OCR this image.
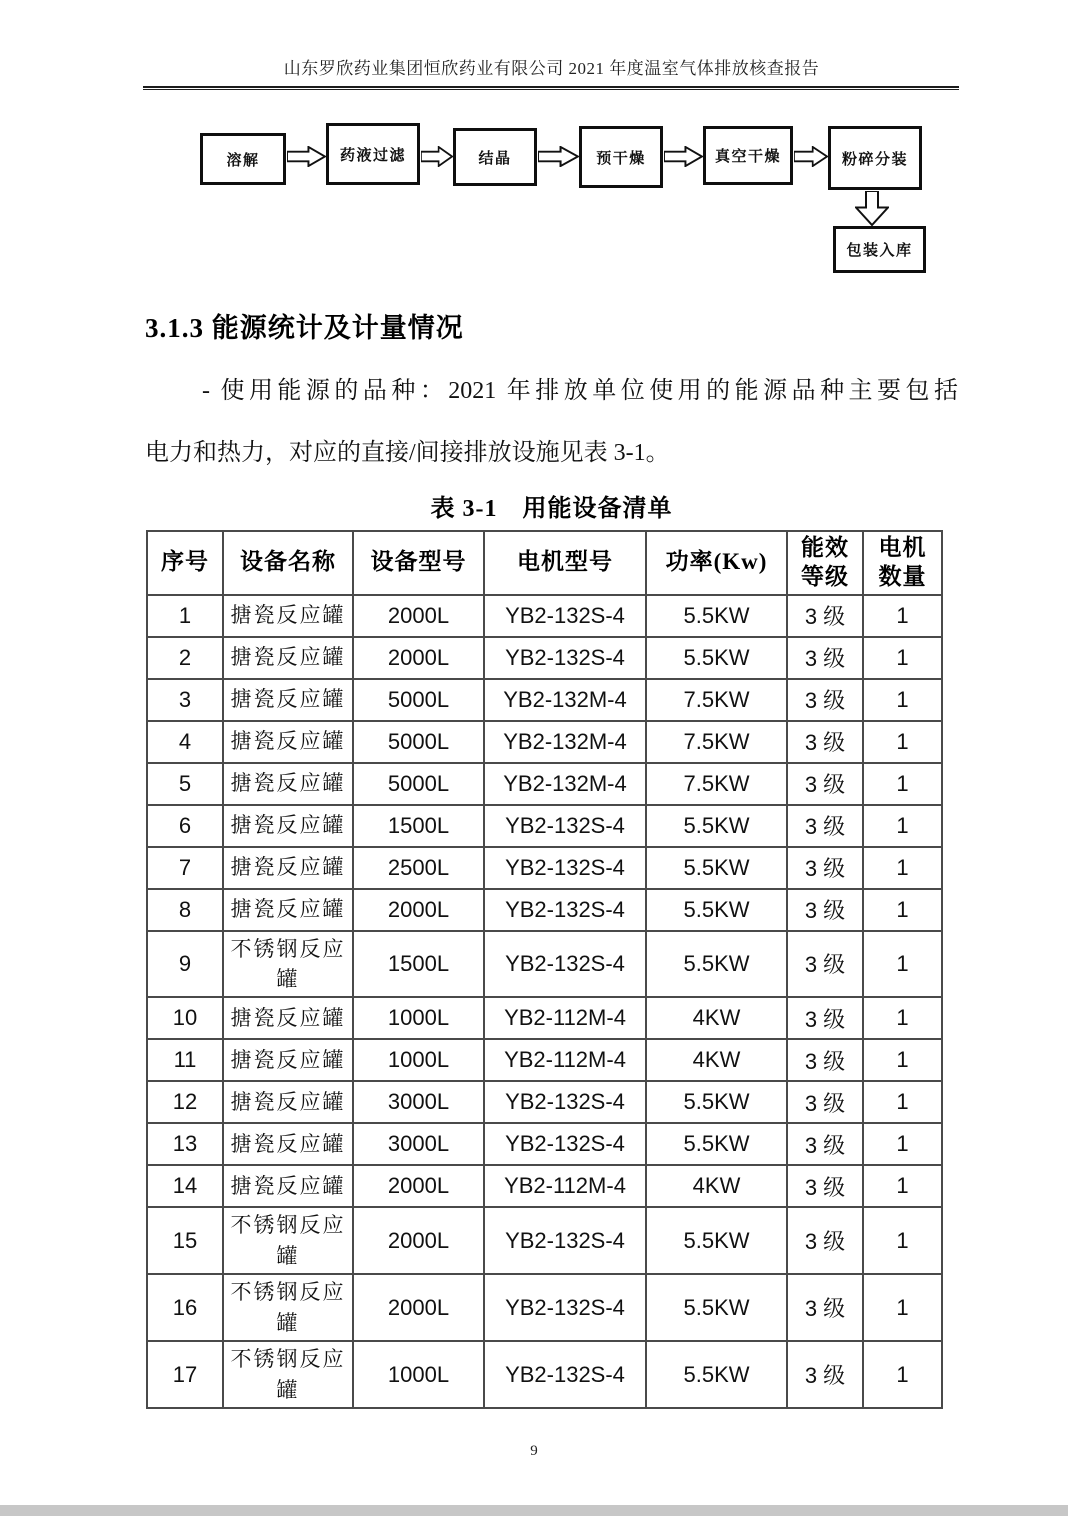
山东罗欣药业集团恒欣药业有限公司 2021 年度温室气体排放核查报告
溶解	药液过滤	结晶	预干燥	真空干燥	粉碎分装
包装入库
3.1.3 能源统计及计量情况
- 使用能源的品种：2021 年排放单位使用的能源品种主要包括
电力和热力，对应的直接/间接排放设施见表 3-1。
表 3-1　用能设备清单
序号	设备名称	设备型号	电机型号	功率(Kw)	能效等级	电机数量
1	搪瓷反应罐	2000L	YB2-132S-4	5.5KW	3 级	1
2	搪瓷反应罐	2000L	YB2-132S-4	5.5KW	3 级	1
3	搪瓷反应罐	5000L	YB2-132M-4	7.5KW	3 级	1
4	搪瓷反应罐	5000L	YB2-132M-4	7.5KW	3 级	1
5	搪瓷反应罐	5000L	YB2-132M-4	7.5KW	3 级	1
6	搪瓷反应罐	1500L	YB2-132S-4	5.5KW	3 级	1
7	搪瓷反应罐	2500L	YB2-132S-4	5.5KW	3 级	1
8	搪瓷反应罐	2000L	YB2-132S-4	5.5KW	3 级	1
9	不锈钢反应罐	1500L	YB2-132S-4	5.5KW	3 级	1
10	搪瓷反应罐	1000L	YB2-112M-4	4KW	3 级	1
11	搪瓷反应罐	1000L	YB2-112M-4	4KW	3 级	1
12	搪瓷反应罐	3000L	YB2-132S-4	5.5KW	3 级	1
13	搪瓷反应罐	3000L	YB2-132S-4	5.5KW	3 级	1
14	搪瓷反应罐	2000L	YB2-112M-4	4KW	3 级	1
15	不锈钢反应罐	2000L	YB2-132S-4	5.5KW	3 级	1
16	不锈钢反应罐	2000L	YB2-132S-4	5.5KW	3 级	1
17	不锈钢反应罐	1000L	YB2-132S-4	5.5KW	3 级	1
9
